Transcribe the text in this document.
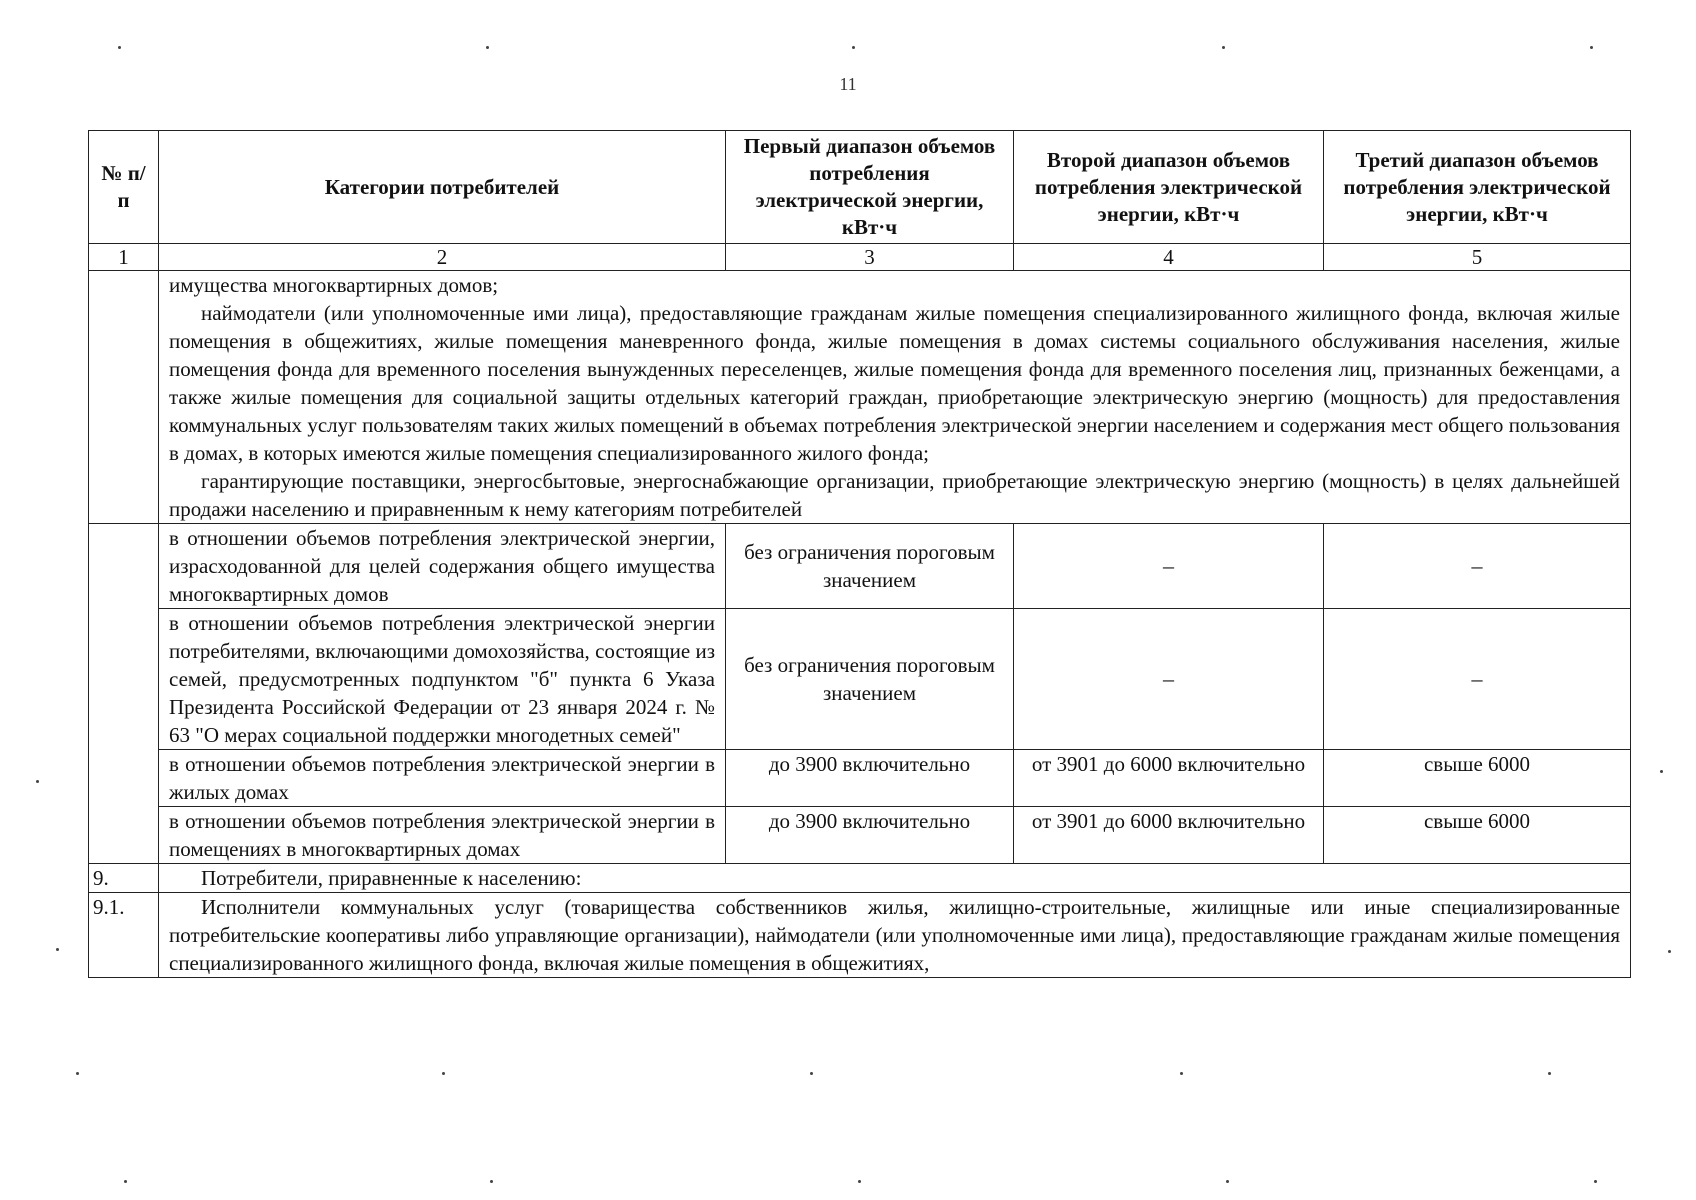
11
№ п/п	Категории потребителей	Первый диапазон объемов потребления электрической энергии, кВт·ч	Второй диапазон объемов потребления электрической энергии, кВт·ч	Третий диапазон объемов потребления электрической энергии, кВт·ч
1	2	3	4	5

	имущества многоквартирных домов;

наймодатели (или уполномоченные ими лица), предоставляющие гражданам жилые помещения специализированного жилищного фонда, включая жилые помещения в общежитиях, жилые помещения маневренного фонда, жилые помещения в домах системы социального обслуживания населения, жилые помещения фонда для временного поселения вынужденных переселенцев, жилые помещения фонда для временного поселения лиц, признанных беженцами, а также жилые помещения для социальной защиты отдельных категорий граждан, приобретающие электрическую энергию (мощность) для предоставления коммунальных услуг пользователям таких жилых помещений в объемах потребления электрической энергии населением и содержания мест общего пользования в домах, в которых имеются жилые помещения специализированного жилого фонда;

гарантирующие поставщики, энергосбытовые, энергоснабжающие организации, приобретающие электрическую энергию (мощность) в целях дальнейшей продажи населению и приравненным к нему категориям потребителей			

	в отношении объемов потребления электрической энергии, израсходованной для целей содержания общего имущества многоквартирных домов	без ограничения пороговым значением	–	–
	в отношении объемов потребления электрической энергии потребителями, включающими домохозяйства, состоящие из семей, предусмотренных подпунктом "б" пункта 6 Указа Президента Российской Федерации от 23 января 2024 г. № 63 "О мерах социальной поддержки многодетных семей"	без ограничения пороговым значением	–	–
	в отношении объемов потребления электрической энергии в жилых домах	до 3900 включительно	от 3901 до 6000 включительно	свыше 6000
	в отношении объемов потребления электрической энергии в помещениях в многоквартирных домах	до 3900 включительно	от 3901 до 6000 включительно	свыше 6000
9.	Потребители, приравненные к населению:			

9.1.	Исполнители коммунальных услуг (товарищества собственников жилья, жилищно-строительные, жилищные или иные специализированные потребительские кооперативы либо управляющие организации), наймодатели (или уполномоченные ими лица), предоставляющие гражданам жилые помещения специализированного жилищного фонда, включая жилые помещения в общежитиях,			
